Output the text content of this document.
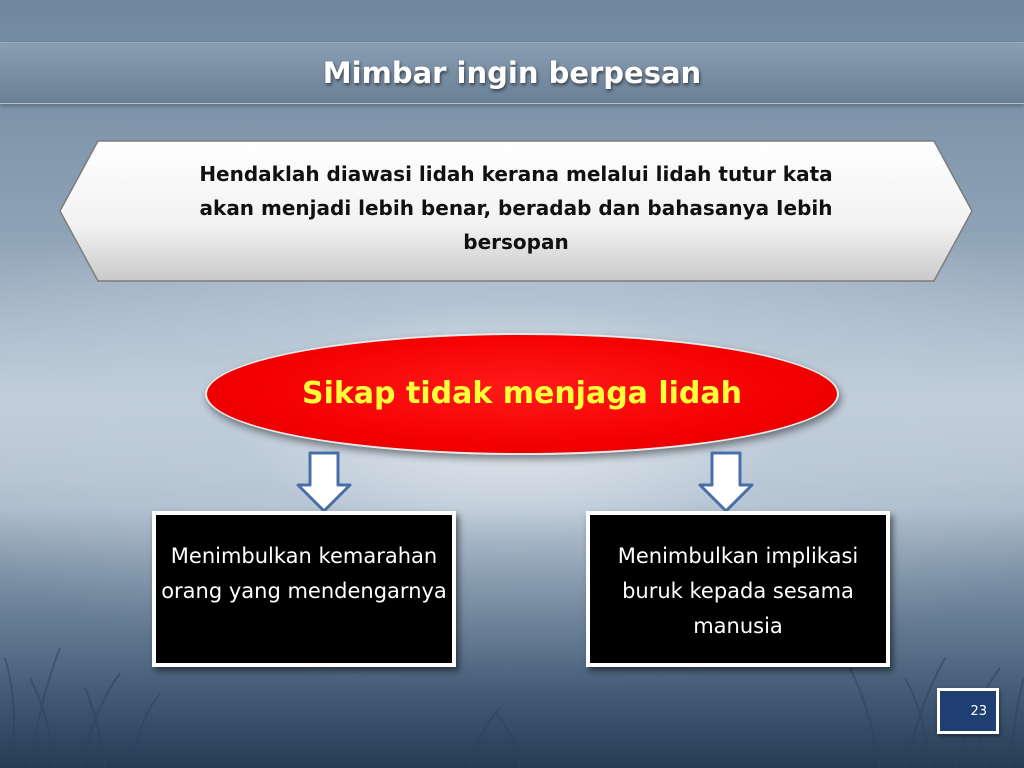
Mimbar ingin berpesan
Hendaklah diawasi lidah kerana melalui lidah tutur kata akan menjadi lebih benar, beradab dan bahasanya Iebih bersopan
Sikap tidak menjaga lidah
Menimbulkan kemarahan orang yang mendengarnya
Menimbulkan implikasi buruk kepada sesama manusia
23
